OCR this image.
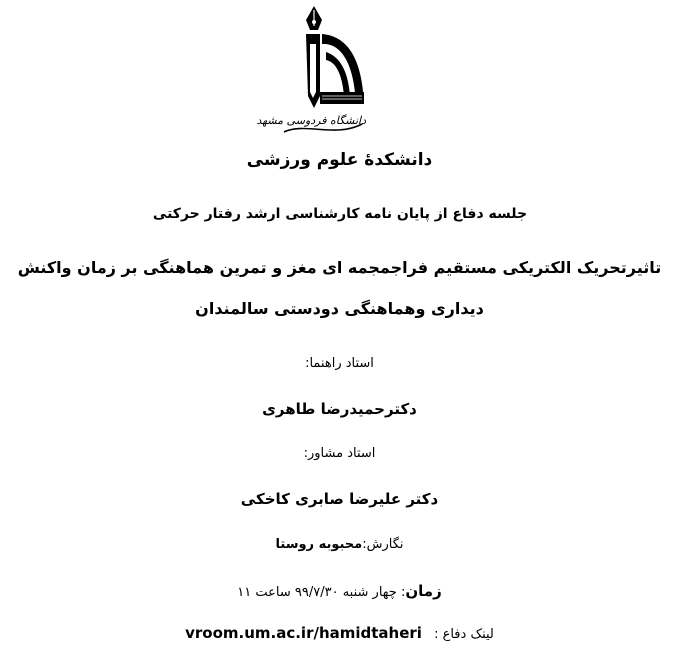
دانشگاه فردوسی مشهد
دانشکدهٔ علوم ورزشی
جلسه دفاع از پایان نامه کارشناسی ارشد رفتار حرکتی
تاثیرتحریک الکتریکی مستقیم فراجمجمه ای مغز و تمرین هماهنگی بر زمان واکنش
دیداری وهماهنگی دودستی سالمندان
استاد راهنما:
دکترحمیدرضا طاهری
استاد مشاور:
دکتر علیرضا صابری کاخکی
نگارش:محبوبه روستا
زمان: چهار شنبه ۹۹/۷/۳۰ ساعت ۱۱
vroom.um.ac.ir/hamidtaheri لینک دفاع :
